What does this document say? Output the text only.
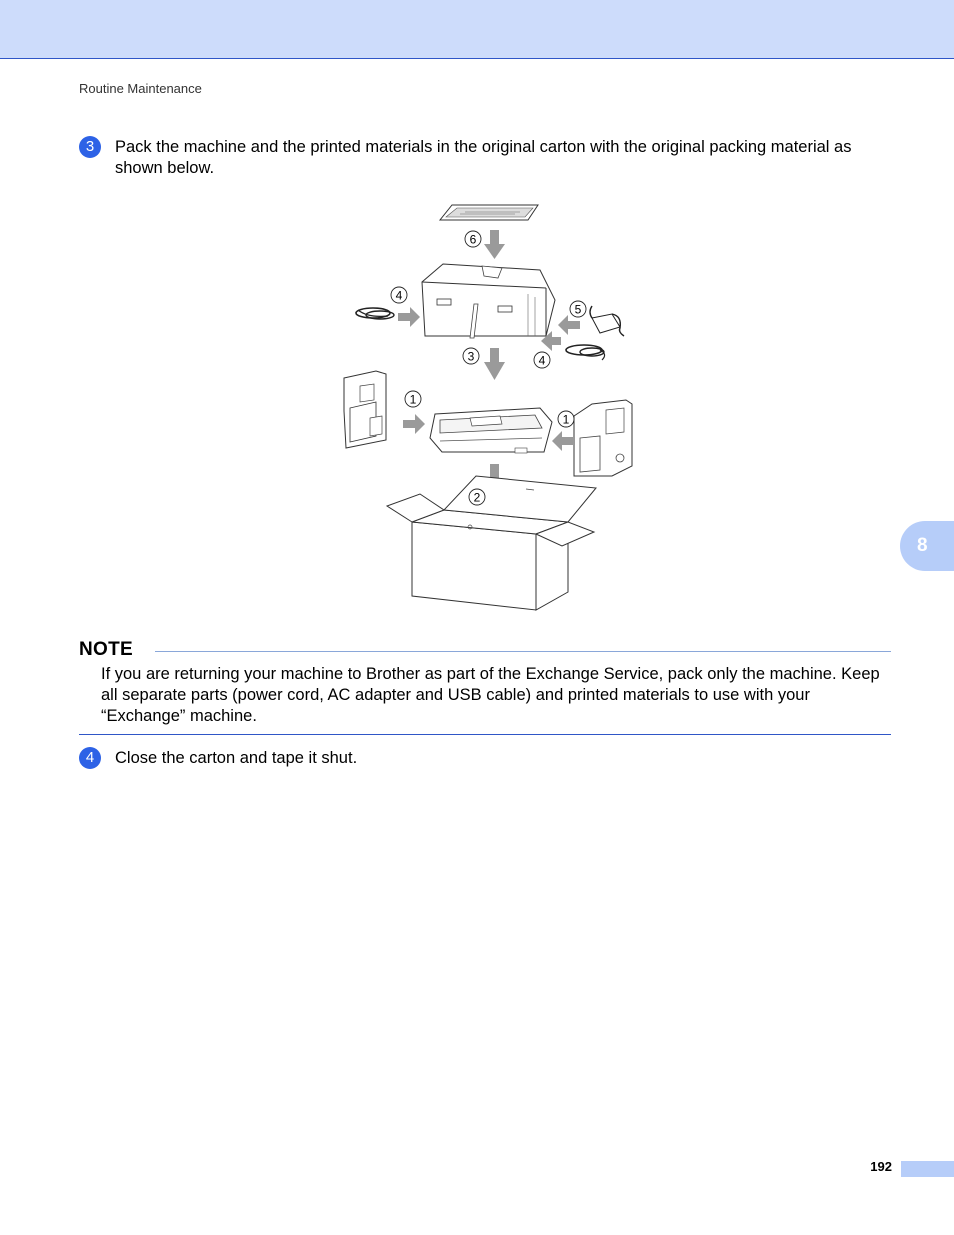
Routine Maintenance
3	Pack the machine and the printed materials in the original carton with the original packing material as shown below.
6
4
5
3	4
1
1
2
NOTE
If you are returning your machine to Brother as part of the Exchange Service, pack only the machine. Keep all separate parts (power cord, AC adapter and USB cable) and printed materials to use with your “Exchange” machine.
4	Close the carton and tape it shut.
8
192
